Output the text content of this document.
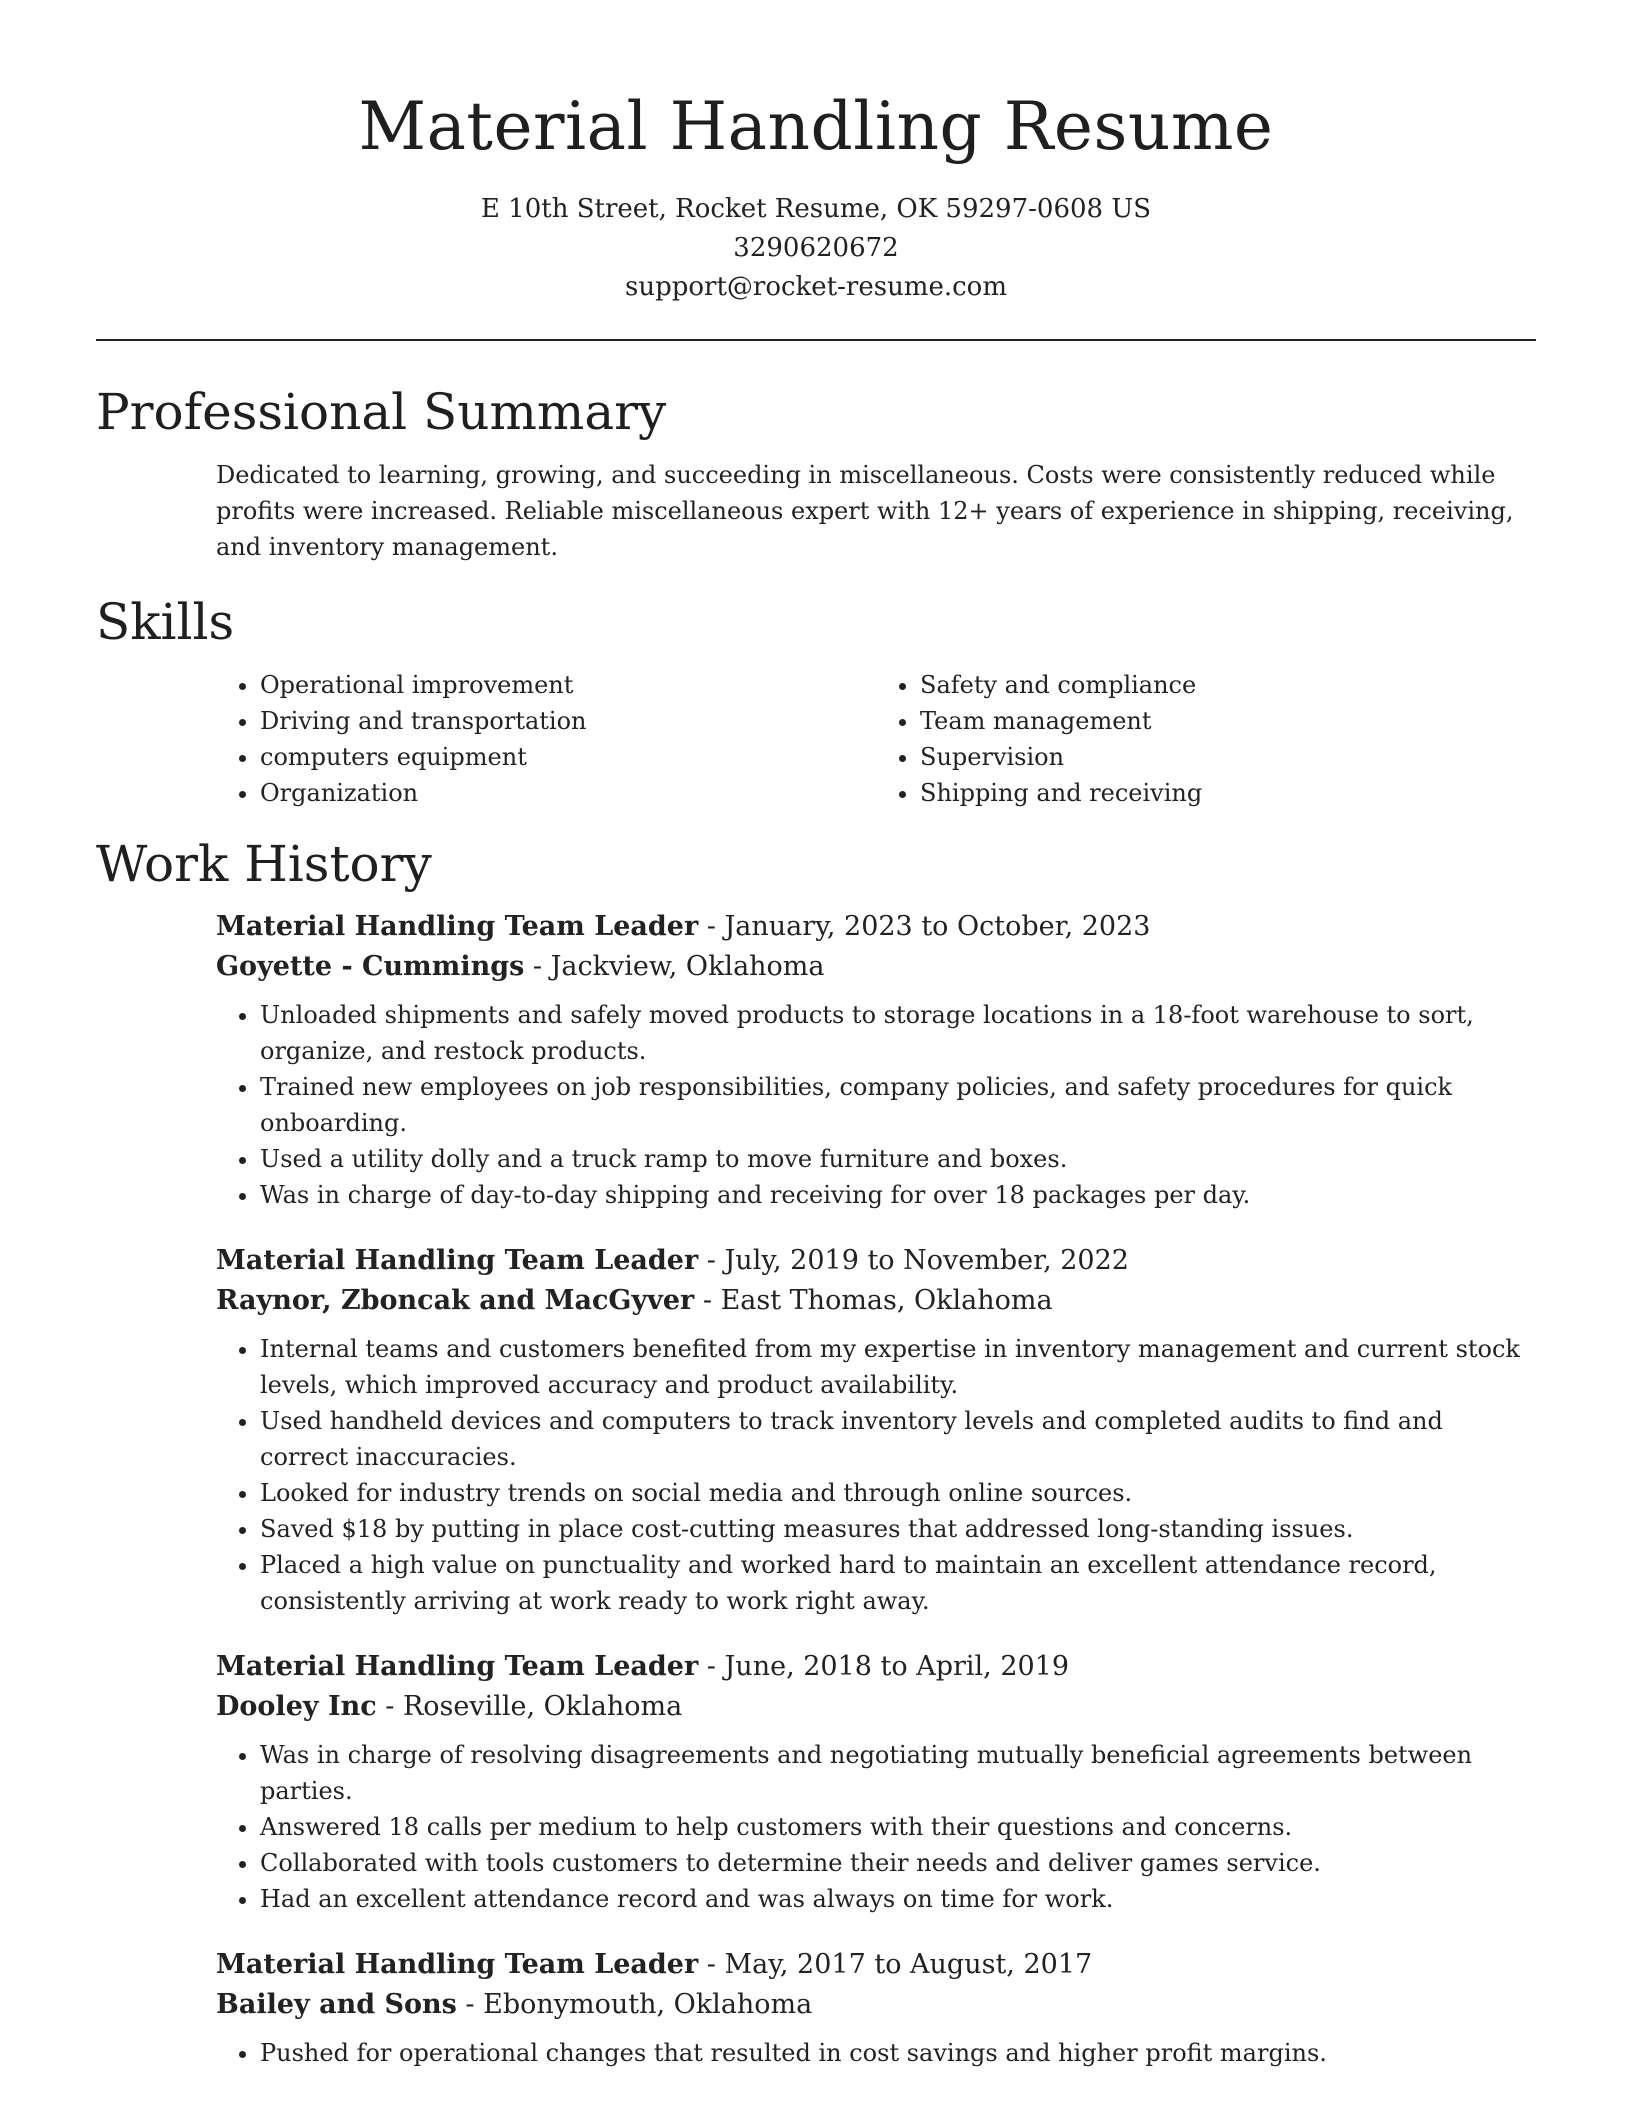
Material Handling Resume

E 10th Street, Rocket Resume, OK 59297-0608 US

3290620672

support@rocket-resume.com

Professional Summary

Dedicated to learning, growing, and succeeding in miscellaneous. Costs were consistently reduced while profits were increased. Reliable miscellaneous expert with 12+ years of experience in shipping, receiving, and inventory management.

Skills
• Operational improvement
• Driving and transportation
• computers equipment
• Organization
• Safety and compliance
• Team management
• Supervision
• Shipping and receiving
Work History

Material Handling Team Leader - January, 2023 to October, 2023

Goyette - Cummings - Jackview, Oklahoma

• Unloaded shipments and safely moved products to storage locations in a 18-foot warehouse to sort, organize, and restock products.
• Trained new employees on job responsibilities, company policies, and safety procedures for quick onboarding.
• Used a utility dolly and a truck ramp to move furniture and boxes.
• Was in charge of day-to-day shipping and receiving for over 18 packages per day.

Material Handling Team Leader - July, 2019 to November, 2022

Raynor, Zboncak and MacGyver - East Thomas, Oklahoma

• Internal teams and customers benefited from my expertise in inventory management and current stock levels, which improved accuracy and product availability.
• Used handheld devices and computers to track inventory levels and completed audits to find and correct inaccuracies.
• Looked for industry trends on social media and through online sources.
• Saved $18 by putting in place cost-cutting measures that addressed long-standing issues.
• Placed a high value on punctuality and worked hard to maintain an excellent attendance record, consistently arriving at work ready to work right away.

Material Handling Team Leader - June, 2018 to April, 2019

Dooley Inc - Roseville, Oklahoma

• Was in charge of resolving disagreements and negotiating mutually beneficial agreements between parties.
• Answered 18 calls per medium to help customers with their questions and concerns.
• Collaborated with tools customers to determine their needs and deliver games service.
• Had an excellent attendance record and was always on time for work.

Material Handling Team Leader - May, 2017 to August, 2017

Bailey and Sons - Ebonymouth, Oklahoma

• Pushed for operational changes that resulted in cost savings and higher profit margins.
